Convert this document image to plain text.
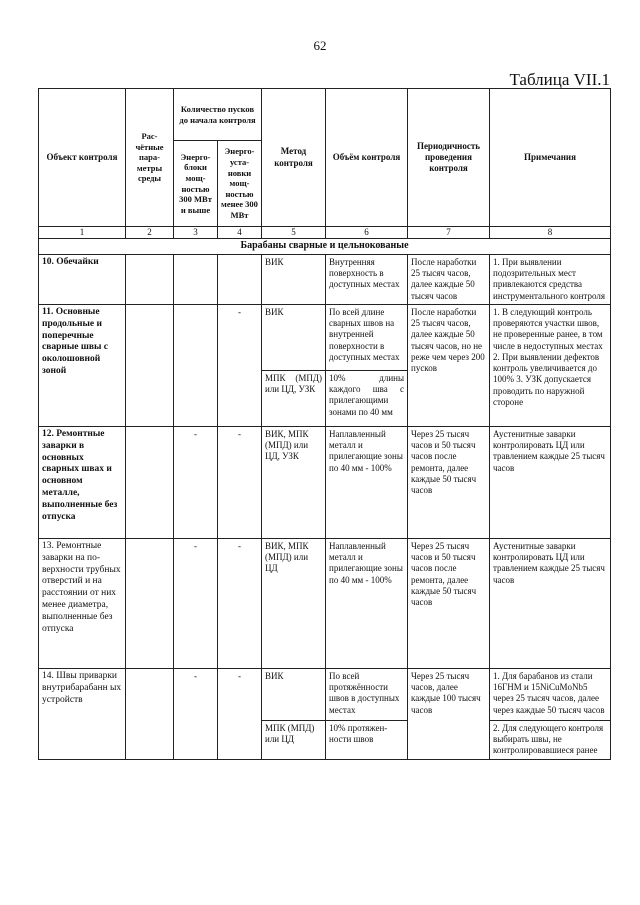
62
Таблица VII.1
Объект контроля	Рас-чётные пара-метры среды	Количество пусков до начала контроля		Метод контроля	Объём контроля	Периодичность проведения контроля	Примечания
		Энерго-блоки мощ-ностью 300 МВт и выше	Энерго-уста-новки мощ-ностью менее 300 МВт				
1	2	3	4	5	6	7	8
Барабаны сварные и цельнокованые							
10. Обечайки				ВИК	Внутренняя поверхность в доступных местах	После наработки 25 тысяч часов, далее каждые 50 тысяч часов	1. При выявлении подозрительных мест привлекаются средства инструментального контроля
11. Основные продольные и поперечные сварные швы с околошовной зоной			-	ВИК	По всей длине сварных швов на внутренней поверхности в доступных местах	После наработки 25 тысяч часов, далее каждые 50 тысяч часов, но не реже чем через 200 пусков	1. В следующий контроль проверяются участки швов, не проверенные ранее, в том числе в недоступных местах 2. При выявлении дефектов контроль увеличивается до 100% 3. УЗК допускается проводить по наружной стороне
				МПК (МПД) или ЦД, УЗК	10% длины каждого шва с прилегающими зонами по 40 мм		
12. Ремонтные заварки в основных сварных швах и основном металле, выполненные без отпуска		-	-	ВИК, МПК (МПД) или ЦД, УЗК	Наплавленный металл и прилегающие зоны по 40 мм - 100%	Через 25 тысяч часов и 50 тысяч часов после ремонта, далее каждые 50 тысяч часов	Аустенитные заварки контролировать ЦД или травлением каждые 25 тысяч часов
13. Ремонтные заварки на по-верхности трубных отверстий и на расстоянии от них менее диаметра, выполненные без отпуска		-	-	ВИК, МПК (МПД) или ЦД	Наплавленный металл и прилегающие зоны по 40 мм - 100%	Через 25 тысяч часов и 50 тысяч часов после ремонта, далее каждые 50 тысяч часов	Аустенитные заварки контролировать ЦД или травлением каждые 25 тысяч часов
14. Швы приварки внутрибарабанн ых устройств		-	-	ВИК	По всей протяжённости швов в доступных местах	Через 25 тысяч часов, далее каждые 100 тысяч часов	1. Для барабанов из стали 16ГНМ и 15NiCuMoNb5 через 25 тысяч часов, далее через каждые 50 тысяч часов
				МПК (МПД) или ЦД	10% протяжен-ности швов		2. Для следующего контроля выбирать швы, не контролировавшиеся ранее
